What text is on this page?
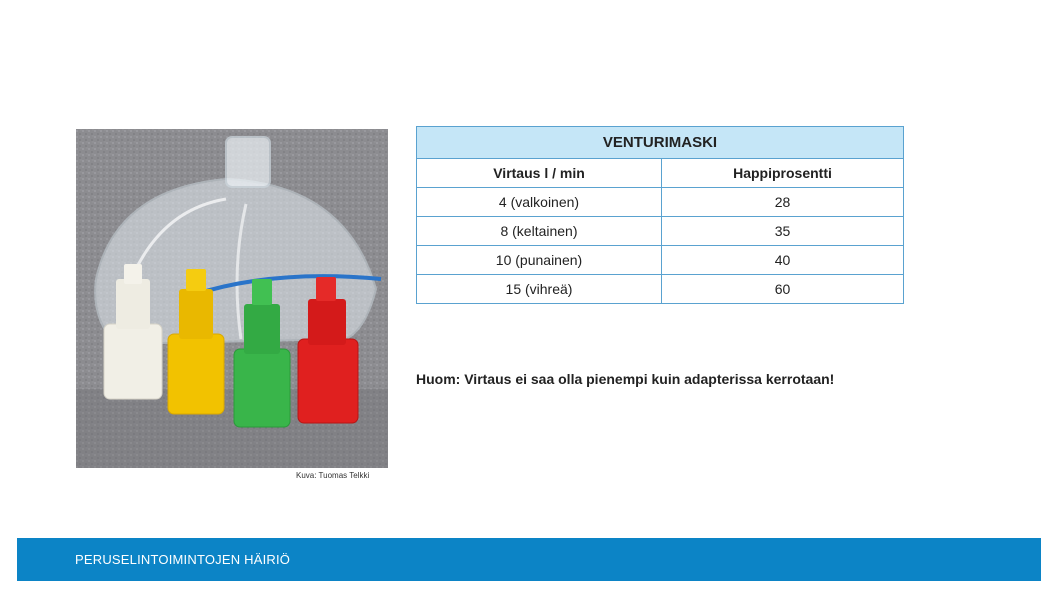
Kuva: Tuomas Telkki
VENTURIMASKI	
Virtaus l / min	Happiprosentti
4 (valkoinen)	28
8 (keltainen)	35
10 (punainen)	40
15 (vihreä)	60
Huom: Virtaus ei saa olla pienempi kuin adapterissa kerrotaan!
PERUSELINTOIMINTOJEN HÄIRIÖ
